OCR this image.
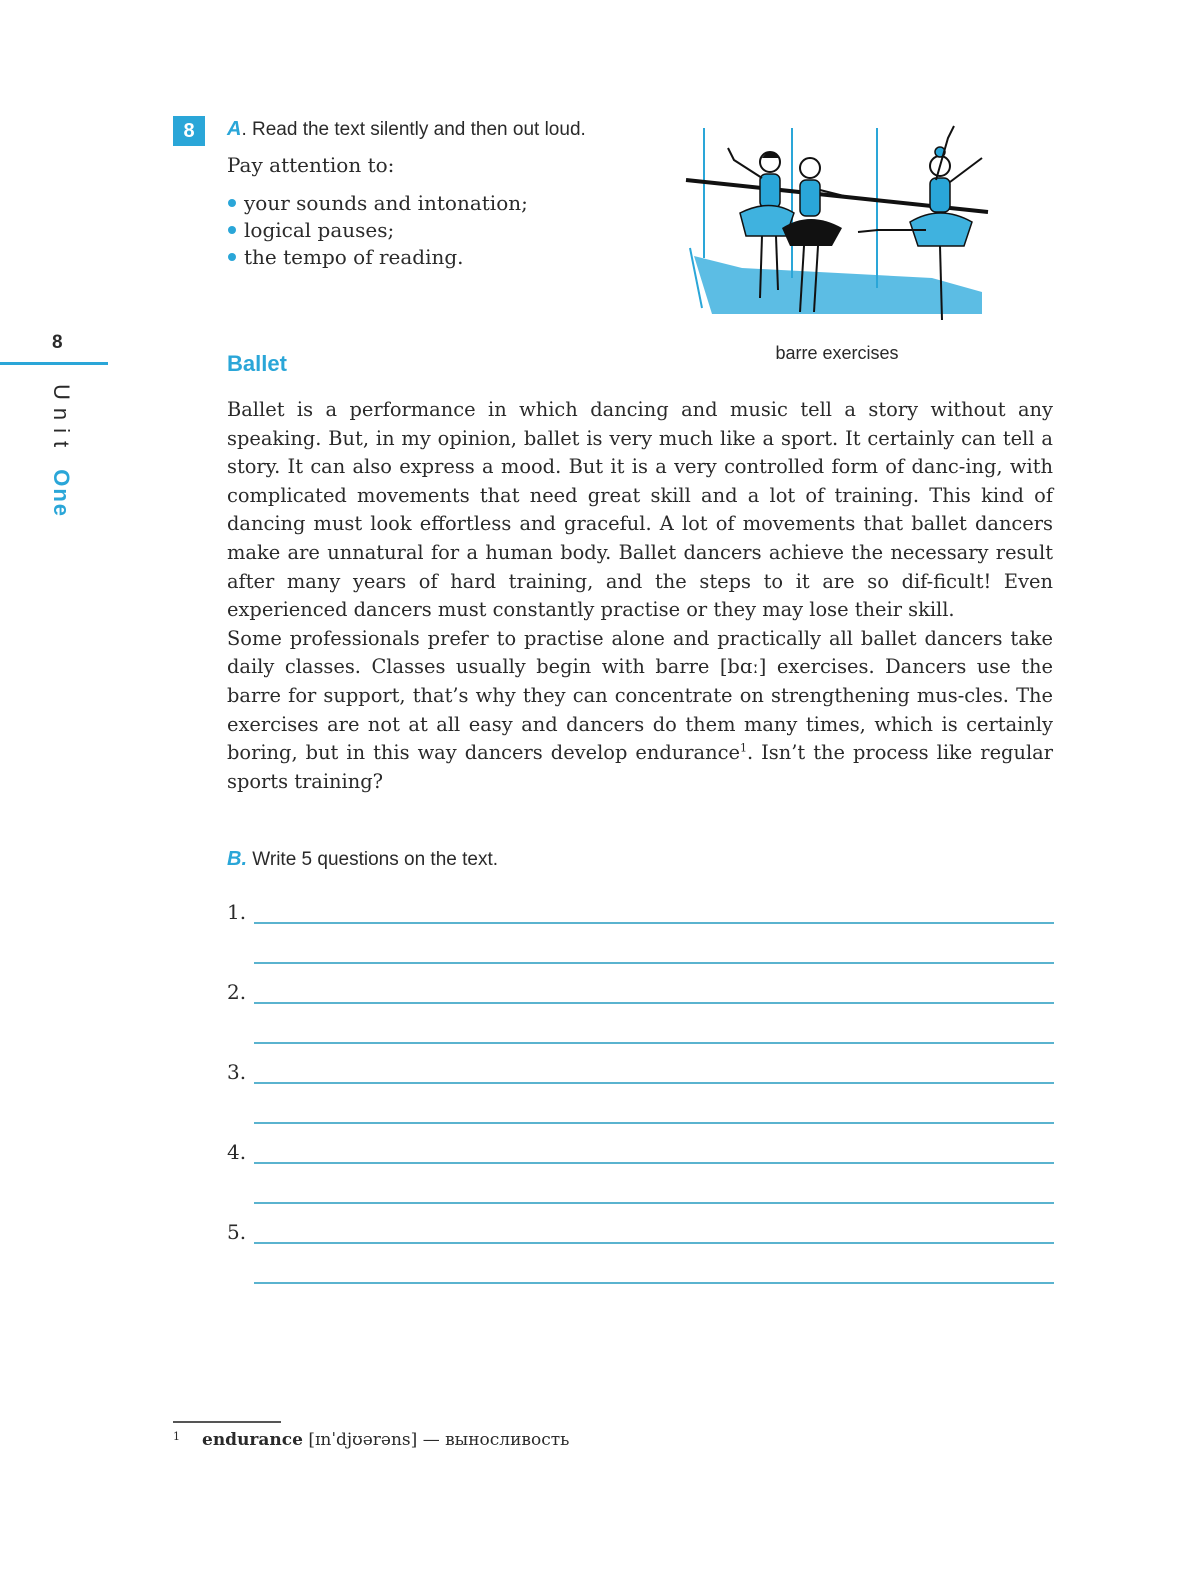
8
Unit One
8	A. Read the text silently and then out loud.
Pay attention to:
your sounds and intonation;
logical pauses;
the tempo of reading.
barre exercises
Ballet

Ballet is a performance in which dancing and music tell a story without any speaking. But, in my opinion, ballet is very much like a sport. It certainly can tell a story. It can also express a mood. But it is a very controlled form of danc-ing, with complicated movements that need great skill and a lot of training. This kind of dancing must look effortless and graceful. A lot of movements that ballet dancers make are unnatural for a human body. Ballet dancers achieve the necessary result after many years of hard training, and the steps to it are so dif-ficult! Even experienced dancers must constantly practise or they may lose their skill.

Some professionals prefer to practise alone and practically all ballet dancers take daily classes. Classes usually begin with barre [bɑː] exercises. Dancers use the barre for support, that’s why they can concentrate on strengthening mus-cles. The exercises are not at all easy and dancers do them many times, which is certainly boring, but in this way dancers develop endurance$^1$. Isn’t the process like regular sports training?

B. Write 5 questions on the text.
1.
2.
3.
4.
5.
$^1$ endurance [ɪnˈdjʊərəns] — выносливость
